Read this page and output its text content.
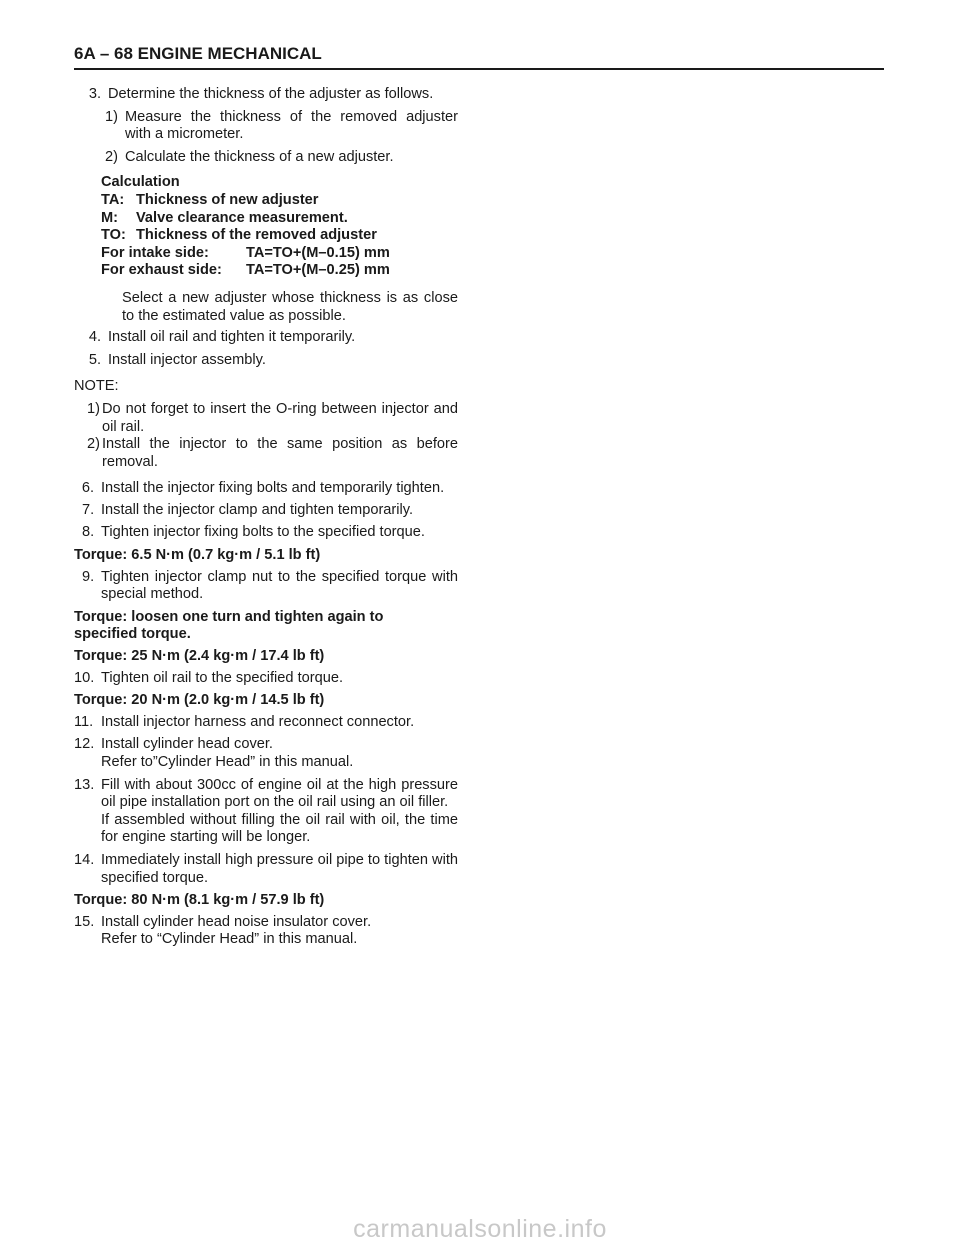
6A – 68 ENGINE MECHANICAL
3. Determine the thickness of the adjuster as follows.
1) Measure the thickness of the removed adjuster with a micrometer.
2) Calculate the thickness of a new adjuster.
Calculation
TA: Thickness of new adjuster
M:	Valve clearance measurement.
TO: Thickness of the removed adjuster
For intake side:	TA=TO+(M–0.15) mm
For exhaust side:	TA=TO+(M–0.25) mm
Select a new adjuster whose thickness is as close to the estimated value as possible.
4. Install oil rail and tighten it temporarily.
5. Install injector assembly.
NOTE:
1) Do not forget to insert the O-ring between injector and oil rail.
2) Install the injector to the same position as before removal.
6. Install the injector fixing bolts and temporarily tighten.
7. Install the injector clamp and tighten temporarily.
8. Tighten injector fixing bolts to the specified torque.
Torque: 6.5 N·m (0.7 kg·m / 5.1 lb ft)
9. Tighten injector clamp nut to the specified torque with special method.
Torque: loosen one turn and tighten again to specified torque.
Torque: 25 N·m (2.4 kg·m / 17.4 lb ft)
10. Tighten oil rail to the specified torque.
Torque: 20 N·m (2.0 kg·m / 14.5 lb ft)
11. Install injector harness and reconnect connector.
12. Install cylinder head cover.
Refer to”Cylinder Head” in this manual.
13. Fill with about 300cc of engine oil at the high pressure oil pipe installation port on the oil rail using an oil filler.
If assembled without filling the oil rail with oil, the time for engine starting will be longer.
14. Immediately install high pressure oil pipe to tighten with specified torque.
Torque: 80 N·m (8.1 kg·m / 57.9 lb ft)
15. Install cylinder head noise insulator cover.
Refer to “Cylinder Head” in this manual.
carmanualsonline.info
